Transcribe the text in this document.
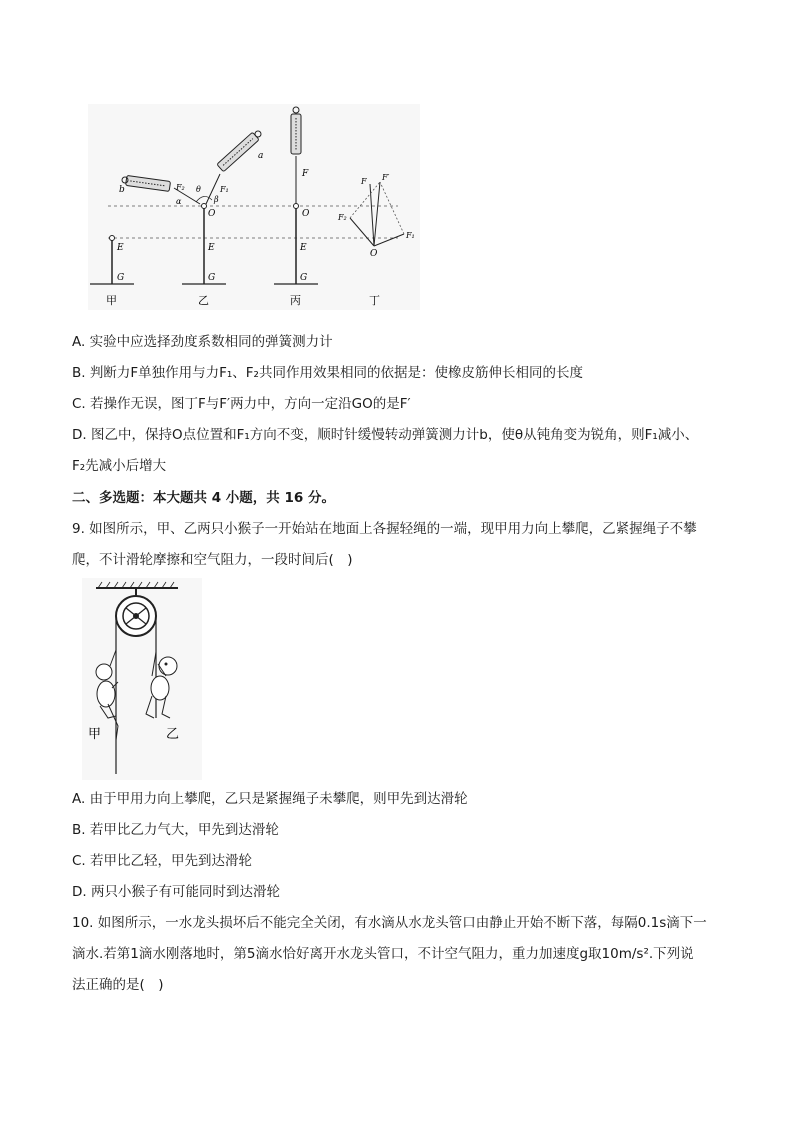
E
G
b
a
F₂	F₁
θ
β
α
O
E
G
F
O
E
G
F F′
F₂
F₁
O
甲	乙	丙	丁
A. 实验中应选择劲度系数相同的弹簧测力计
B. 判断力F单独作用与力F₁、F₂共同作用效果相同的依据是：使橡皮筋伸长相同的长度
C. 若操作无误，图丁F与F′两力中，方向一定沿GO的是F′
D. 图乙中，保持O点位置和F₁方向不变，顺时针缓慢转动弹簧测力计b，使θ从钝角变为锐角，则F₁减小、
F₂先减小后增大
二、多选题：本大题共 4 小题，共 16 分。
9. 如图所示，甲、乙两只小猴子一开始站在地面上各握轻绳的一端，现甲用力向上攀爬，乙紧握绳子不攀
爬，不计滑轮摩擦和空气阻力，一段时间后(　)
甲	乙
A. 由于甲用力向上攀爬，乙只是紧握绳子未攀爬，则甲先到达滑轮
B. 若甲比乙力气大，甲先到达滑轮
C. 若甲比乙轻，甲先到达滑轮
D. 两只小猴子有可能同时到达滑轮
10. 如图所示，一水龙头损坏后不能完全关闭，有水滴从水龙头管口由静止开始不断下落，每隔0.1s滴下一
滴水.若第1滴水刚落地时，第5滴水恰好离开水龙头管口，不计空气阻力，重力加速度g取10m/s².下列说
法正确的是(　)
